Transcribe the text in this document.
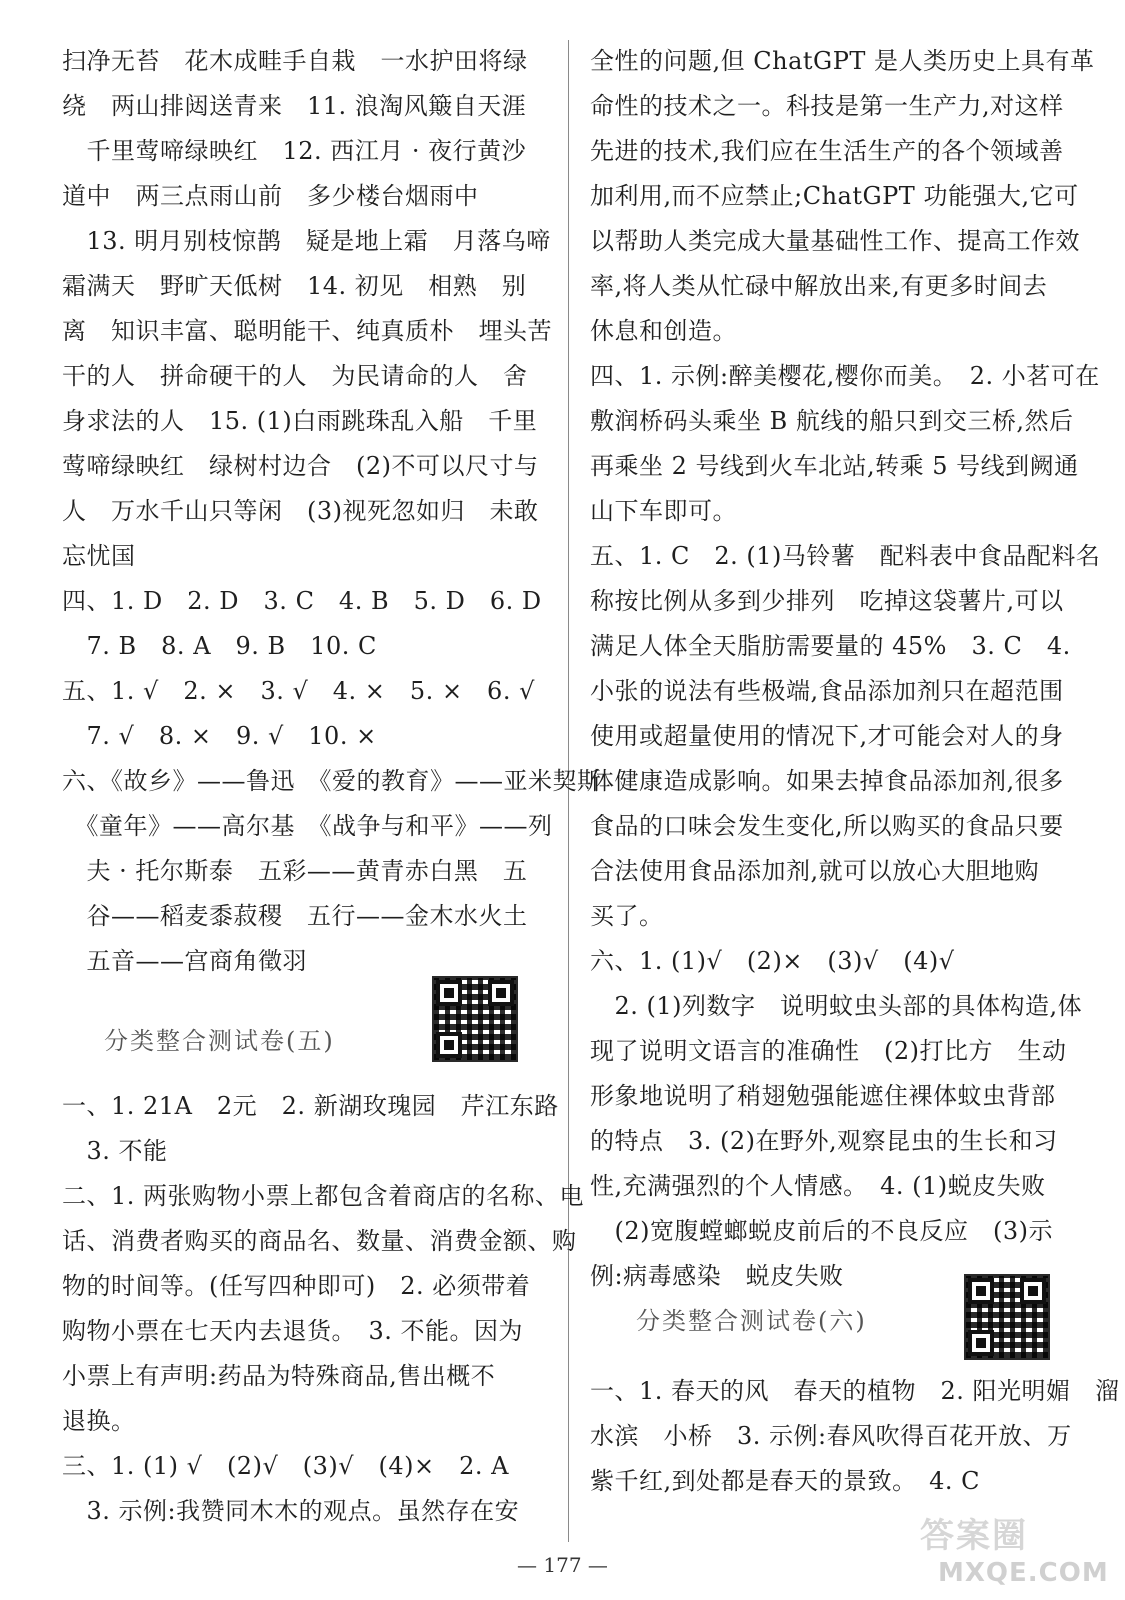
扫净无苔　花木成畦手自栽　一水护田将绿
绕　两山排闼送青来　11. 浪淘风簸自天涯
　千里莺啼绿映红　12. 西江月 · 夜行黄沙
道中　两三点雨山前　多少楼台烟雨中
　13. 明月别枝惊鹊　疑是地上霜　月落乌啼
霜满天　野旷天低树　14. 初见　相熟　别
离　知识丰富、聪明能干、纯真质朴　埋头苦
干的人　拼命硬干的人　为民请命的人　舍
身求法的人　15. (1)白雨跳珠乱入船　千里
莺啼绿映红　绿树村边合　(2)不可以尺寸与
人　万水千山只等闲　(3)视死忽如归　未敢
忘忧国
四、1. D　2. D　3. C　4. B　5. D　6. D
　7. B　8. A　9. B　10. C
五、1. √　2. ×　3. √　4. ×　5. ×　6. √
　7. √　8. ×　9. √　10. ×
六、《故乡》——鲁迅　《爱的教育》——亚米契斯
　《童年》——高尔基　《战争与和平》——列
　夫 · 托尔斯泰　五彩——黄青赤白黑　五
　谷——稻麦黍菽稷　五行——金木水火土
　五音——宫商角徵羽
分类整合测试卷(五)
一、1. 21A　2元　2. 新湖玫瑰园　芹江东路
　3. 不能
二、1. 两张购物小票上都包含着商店的名称、电
话、消费者购买的商品名、数量、消费金额、购
物的时间等。(任写四种即可)　2. 必须带着
购物小票在七天内去退货。　3. 不能。因为
小票上有声明:药品为特殊商品,售出概不
退换。
三、1. (1) √　(2)√　(3)√　(4)×　2. A
　3. 示例:我赞同木木的观点。虽然存在安
全性的问题,但 ChatGPT 是人类历史上具有革
命性的技术之一。科技是第一生产力,对这样
先进的技术,我们应在生活生产的各个领域善
加利用,而不应禁止;ChatGPT 功能强大,它可
以帮助人类完成大量基础性工作、提高工作效
率,将人类从忙碌中解放出来,有更多时间去
休息和创造。
四、1. 示例:醉美樱花,樱你而美。　2. 小茗可在
敷润桥码头乘坐 B 航线的船只到交三桥,然后
再乘坐 2 号线到火车北站,转乘 5 号线到阙通
山下车即可。
五、1. C　2. (1)马铃薯　配料表中食品配料名
称按比例从多到少排列　吃掉这袋薯片,可以
满足人体全天脂肪需要量的 45%　3. C　4.
小张的说法有些极端,食品添加剂只在超范围
使用或超量使用的情况下,才可能会对人的身
体健康造成影响。如果去掉食品添加剂,很多
食品的口味会发生变化,所以购买的食品只要
合法使用食品添加剂,就可以放心大胆地购
买了。
六、1. (1)√　(2)×　(3)√　(4)√
　2. (1)列数字　说明蚊虫头部的具体构造,体
现了说明文语言的准确性　(2)打比方　生动
形象地说明了稍翅勉强能遮住裸体蚊虫背部
的特点　3. (2)在野外,观察昆虫的生长和习
性,充满强烈的个人情感。　4. (1)蜕皮失败
　(2)宽腹螳螂蜕皮前后的不良反应　(3)示
例:病毒感染　蜕皮失败
分类整合测试卷(六)
一、1. 春天的风　春天的植物　2. 阳光明媚　溜
水滨　小桥　3. 示例:春风吹得百花开放、万
紫千红,到处都是春天的景致。　4. C
— 177 —
答案圈
MXQE.COM
